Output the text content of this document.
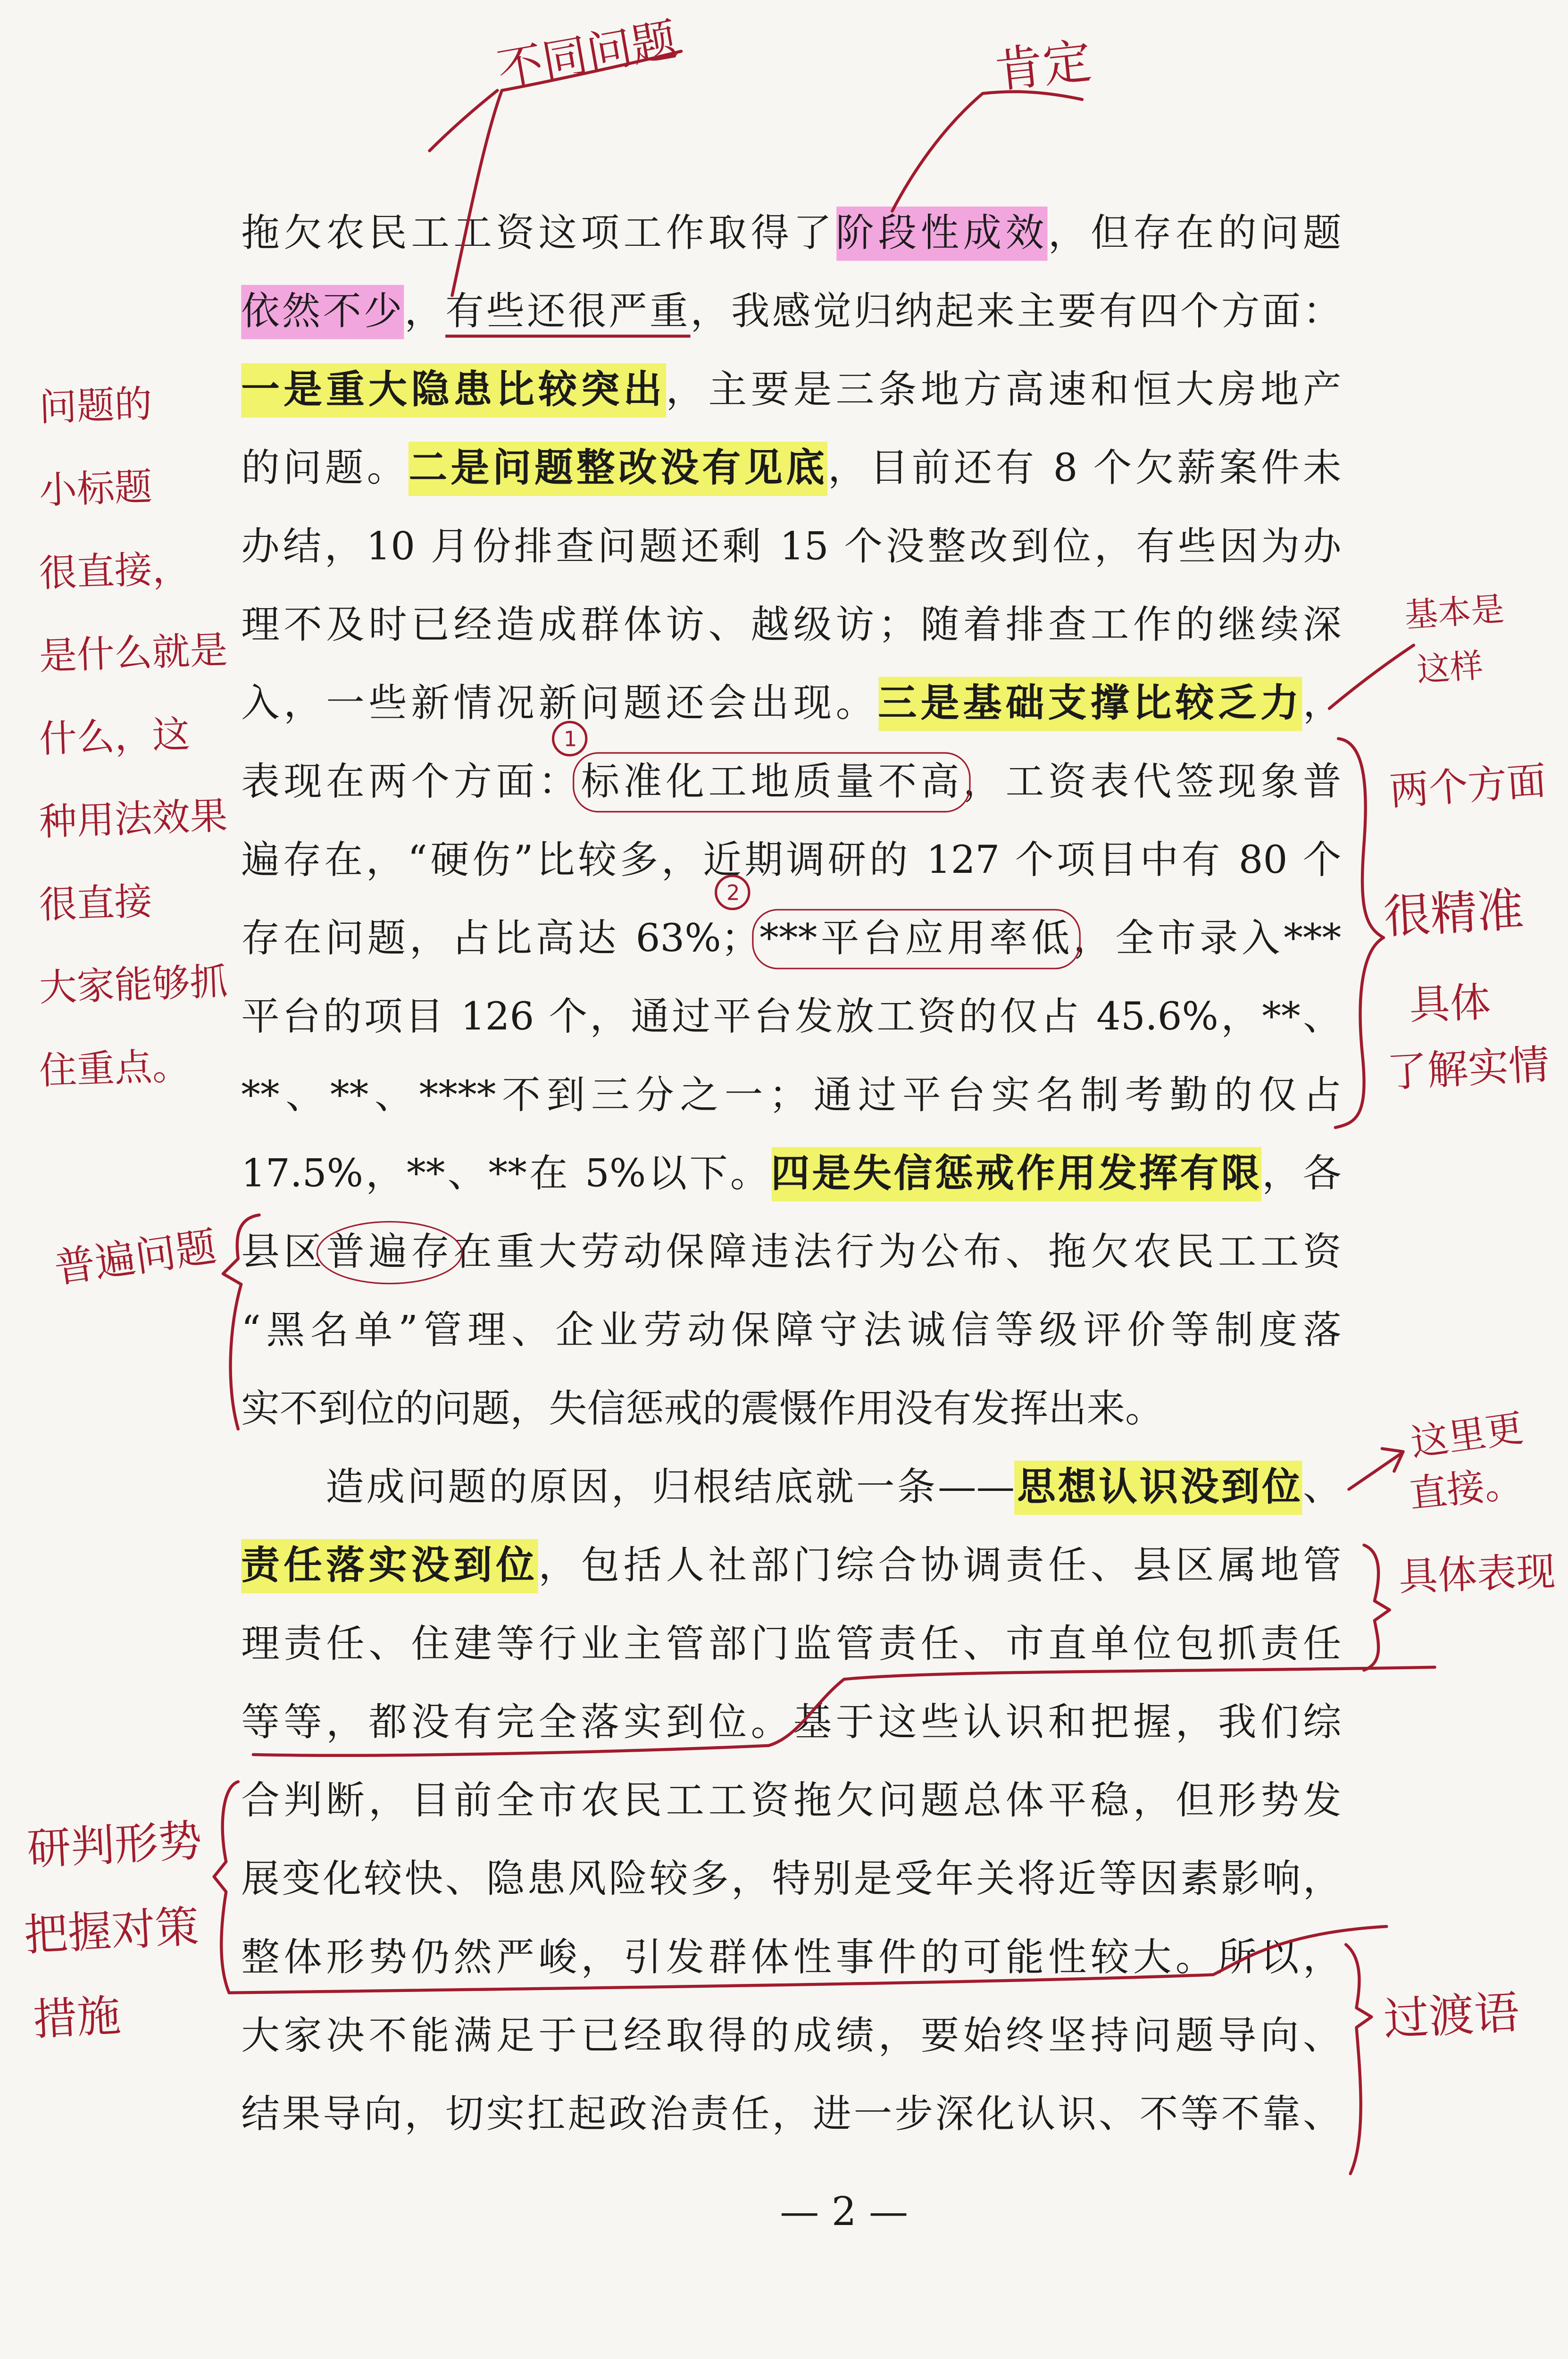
拖欠农民工工资这项工作取得了阶段性成效，但存在的问题
依然不少，有些还很严重，我感觉归纳起来主要有四个方面：
一是重大隐患比较突出，主要是三条地方高速和恒大房地产
的问题。二是问题整改没有见底，目前还有 8 个欠薪案件未
办结，10 月份排查问题还剩 15 个没整改到位，有些因为办
理不及时已经造成群体访、越级访；随着排查工作的继续深
入，一些新情况新问题还会出现。三是基础支撑比较乏力，
表现在两个方面：标准化工地质量不高，工资表代签现象普
遍存在，“硬伤”比较多，近期调研的 127 个项目中有 80 个
存在问题，占比高达 63%；***平台应用率低，全市录入***
平台的项目 126 个，通过平台发放工资的仅占 45.6%，**、
**、**、****不到三分之一；通过平台实名制考勤的仅占
17.5%，**、**在 5%以下。四是失信惩戒作用发挥有限，各
县区普遍存在重大劳动保障违法行为公布、拖欠农民工工资
“黑名单”管理、企业劳动保障守法诚信等级评价等制度落
实不到位的问题，失信惩戒的震慑作用没有发挥出来。
造成问题的原因，归根结底就一条——思想认识没到位、
责任落实没到位，包括人社部门综合协调责任、县区属地管
理责任、住建等行业主管部门监管责任、市直单位包抓责任
等等，都没有完全落实到位。基于这些认识和把握，我们综
合判断，目前全市农民工工资拖欠问题总体平稳，但形势发
展变化较快、隐患风险较多，特别是受年关将近等因素影响，
整体形势仍然严峻，引发群体性事件的可能性较大。所以，
大家决不能满足于已经取得的成绩，要始终坚持问题导向、
结果导向，切实扛起政治责任，进一步深化认识、不等不靠、
— 2 —
不同问题	肯定
问题的
小标题
很直接，
是什么就是
什么，这
种用法效果
很直接
大家能够抓
住重点。
基本是
这样
两个方面
很精准
具体
了解实情
普遍问题
这里更
直接。
具体表现
研判形势
把握对策
措施	过渡语
1
2
